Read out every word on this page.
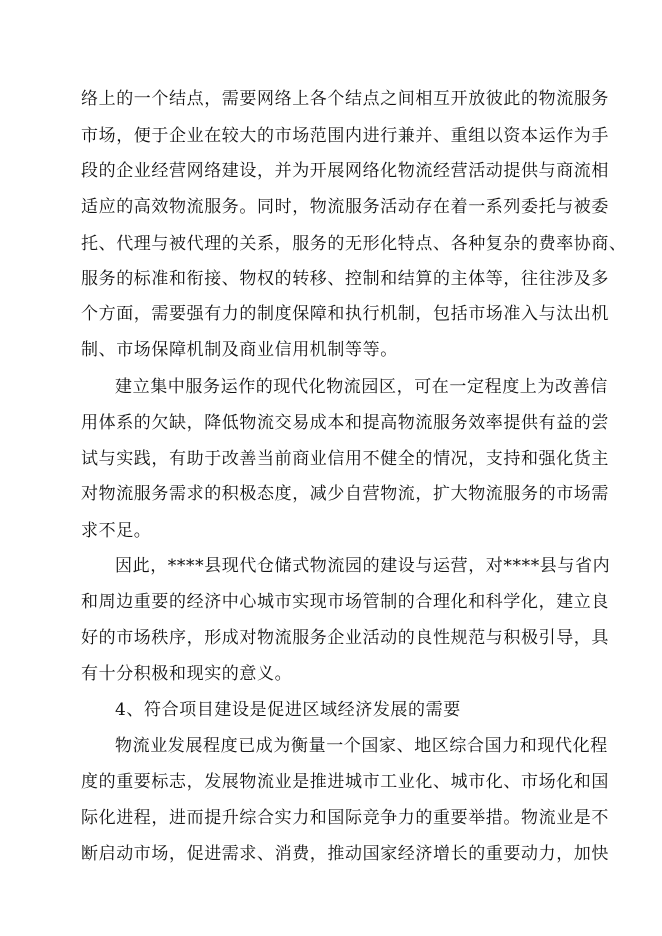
络上的一个结点，需要网络上各个结点之间相互开放彼此的物流服务
市场，便于企业在较大的市场范围内进行兼并、重组以资本运作为手
段的企业经营网络建设，并为开展网络化物流经营活动提供与商流相
适应的高效物流服务。同时，物流服务活动存在着一系列委托与被委
托、代理与被代理的关系，服务的无形化特点、各种复杂的费率协商、
服务的标准和衔接、物权的转移、控制和结算的主体等，往往涉及多
个方面，需要强有力的制度保障和执行机制，包括市场准入与汰出机
制、市场保障机制及商业信用机制等等。
建立集中服务运作的现代化物流园区，可在一定程度上为改善信
用体系的欠缺，降低物流交易成本和提高物流服务效率提供有益的尝
试与实践，有助于改善当前商业信用不健全的情况，支持和强化货主
对物流服务需求的积极态度，减少自营物流，扩大物流服务的市场需
求不足。
因此，****县现代仓储式物流园的建设与运营，对****县与省内
和周边重要的经济中心城市实现市场管制的合理化和科学化，建立良
好的市场秩序，形成对物流服务企业活动的良性规范与积极引导，具
有十分积极和现实的意义。
4、符合项目建设是促进区域经济发展的需要
物流业发展程度已成为衡量一个国家、地区综合国力和现代化程
度的重要标志，发展物流业是推进城市工业化、城市化、市场化和国
际化进程，进而提升综合实力和国际竞争力的重要举措。物流业是不
断启动市场，促进需求、消费，推动国家经济增长的重要动力，加快
